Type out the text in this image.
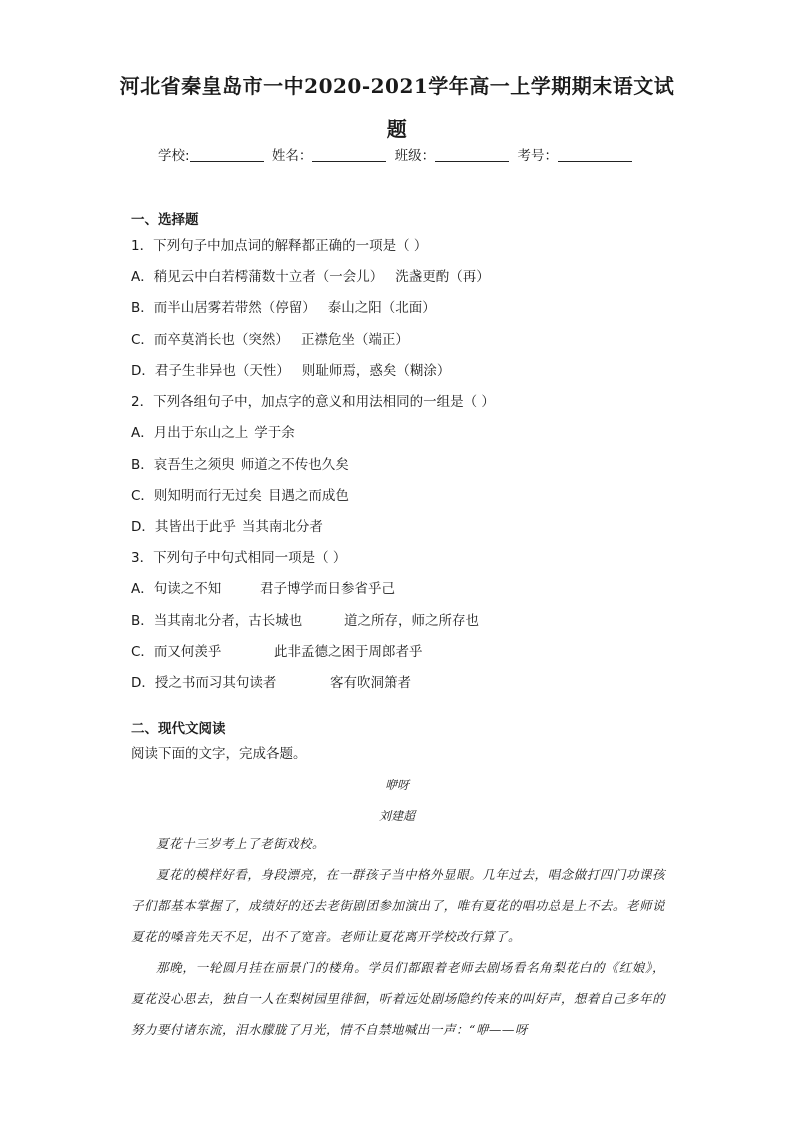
河北省秦皇岛市一中2020-2021学年高一上学期期末语文试
题
学校:	姓名：	班级：	考号：
一、选择题
1．下列句子中加点词的解释都正确的一项是（ ）
A．稍见云中白若樗蒲数十立者（一会儿） 洗盏更酌（再）
B．而半山居雾若带然（停留） 泰山之阳（北面）
C．而卒莫消长也（突然） 正襟危坐（端正）
D．君子生非异也（天性） 则耻师焉，惑矣（糊涂）
2．下列各组句子中，加点字的意义和用法相同的一组是（ ）
A．月出于东山之上 学于余
B．哀吾生之须臾 师道之不传也久矣
C．则知明而行无过矣 目遇之而成色
D．其皆出于此乎 当其南北分者
3．下列句子中句式相同一项是（ ）
A．句读之不知	君子博学而日参省乎己
B．当其南北分者，古长城也	道之所存，师之所存也
C．而又何羡乎	此非孟德之困于周郎者乎
D．授之书而习其句读者	客有吹洞箫者
二、现代文阅读
阅读下面的文字，完成各题。
咿呀
刘建超
夏花十三岁考上了老街戏校。
夏花的模样好看，身段漂亮，在一群孩子当中格外显眼。几年过去，唱念做打四门功课孩子们都基本掌握了，成绩好的还去老街剧团参加演出了，唯有夏花的唱功总是上不去。老师说夏花的嗓音先天不足，出不了宽音。老师让夏花离开学校改行算了。
那晚，一轮圆月挂在丽景门的楼角。学员们都跟着老师去剧场看名角梨花白的《红娘》，夏花没心思去，独自一人在梨树园里徘徊，听着远处剧场隐约传来的叫好声，想着自己多年的努力要付诸东流，泪水朦胧了月光，情不自禁地喊出一声：“咿——呀
